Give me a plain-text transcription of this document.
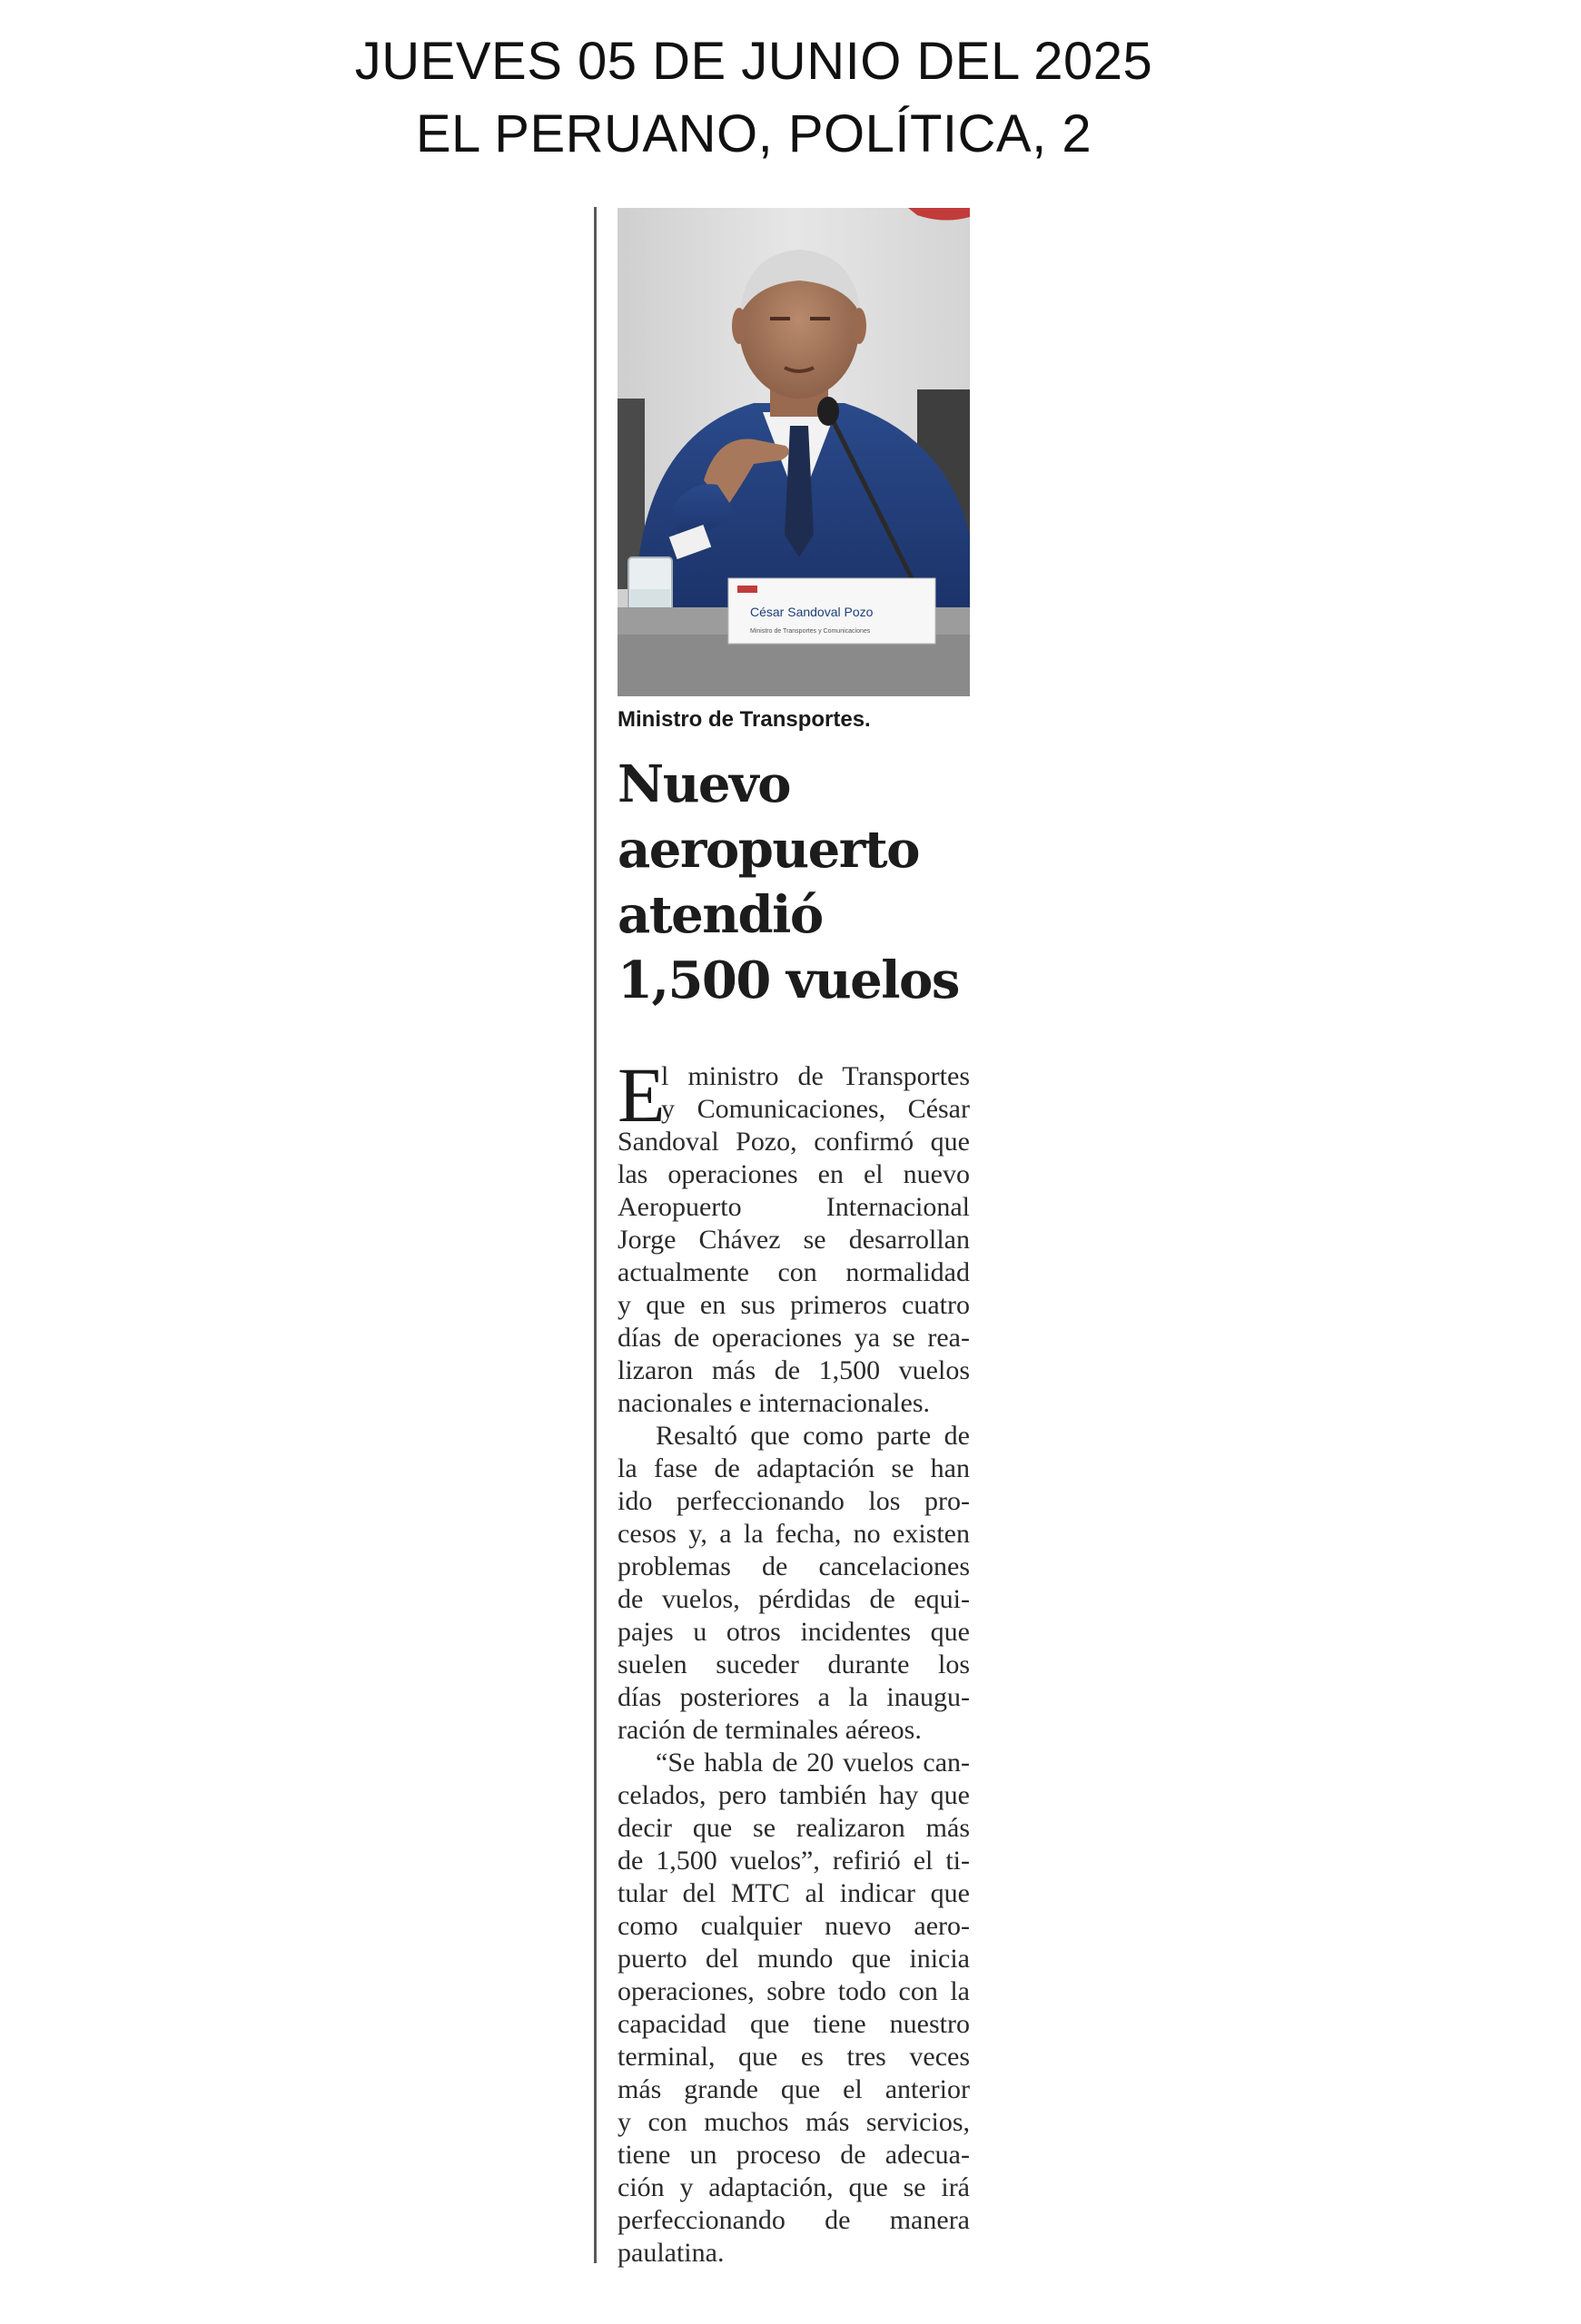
JUEVES 05 DE JUNIO DEL 2025
EL PERUANO, POLÍTICA, 2
César Sandoval Pozo
Ministro de Transportes y Comunicaciones
Ministro de Transportes.
Nuevo
aeropuerto
atendió
1,500 vuelos
E
l ministro de Transportes
y Comunicaciones, César
Sandoval Pozo, confirmó que
las operaciones en el nuevo
Aeropuerto Internacional
Jorge Chávez se desarrollan
actualmente con normalidad
y que en sus primeros cuatro
días de operaciones ya se rea-
lizaron más de 1,500 vuelos
nacionales e internacionales.
Resaltó que como parte de
la fase de adaptación se han
ido perfeccionando los pro-
cesos y, a la fecha, no existen
problemas de cancelaciones
de vuelos, pérdidas de equi-
pajes u otros incidentes que
suelen suceder durante los
días posteriores a la inaugu-
ración de terminales aéreos.
“Se habla de 20 vuelos can-
celados, pero también hay que
decir que se realizaron más
de 1,500 vuelos”, refirió el ti-
tular del MTC al indicar que
como cualquier nuevo aero-
puerto del mundo que inicia
operaciones, sobre todo con la
capacidad que tiene nuestro
terminal, que es tres veces
más grande que el anterior
y con muchos más servicios,
tiene un proceso de adecua-
ción y adaptación, que se irá
perfeccionando de manera
paulatina.
